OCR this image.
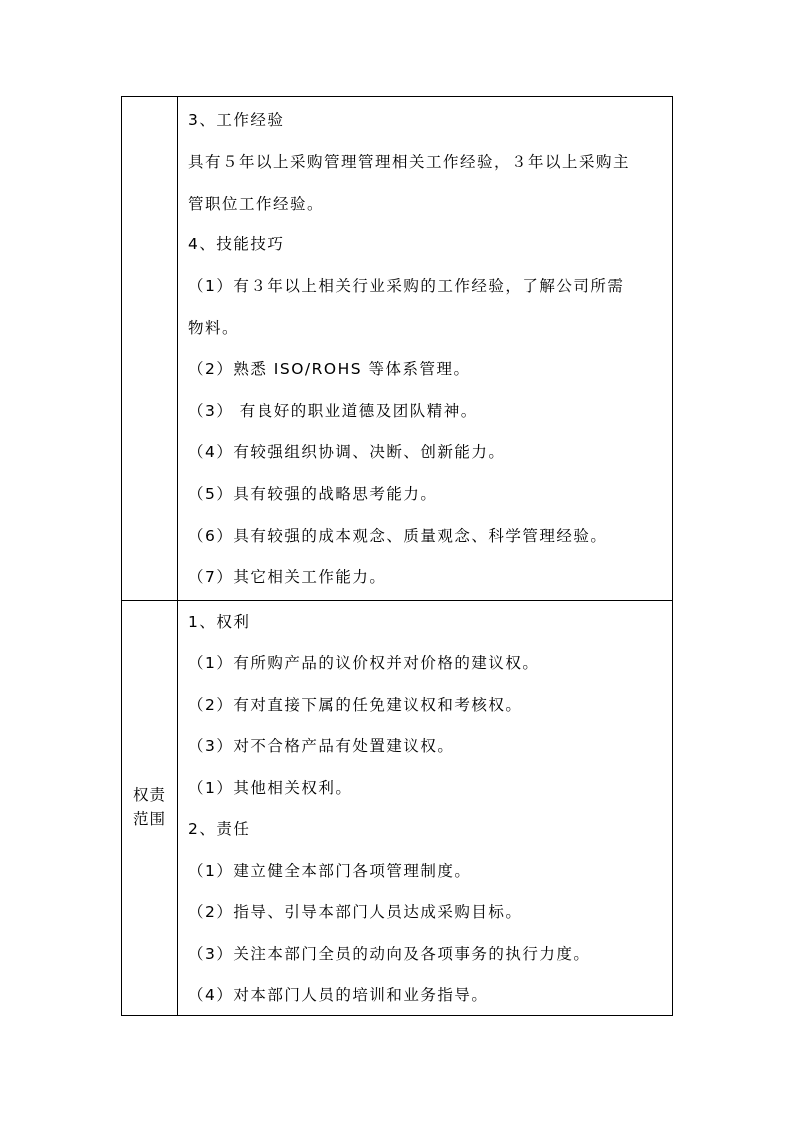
3、工作经验
具有５年以上采购管理管理相关工作经验，３年以上采购主
管职位工作经验。
4、技能技巧
（1）有３年以上相关行业采购的工作经验，了解公司所需
物料。
（2）熟悉 ISO/ROHS 等体系管理。
（3） 有良好的职业道德及团队精神。
（4）有较强组织协调、决断、创新能力。
（5）具有较强的战略思考能力。
（6）具有较强的成本观念、质量观念、科学管理经验。
（7）其它相关工作能力。
权责
范围
1、权利
（1）有所购产品的议价权并对价格的建议权。
（2）有对直接下属的任免建议权和考核权。
（3）对不合格产品有处置建议权。
（1）其他相关权利。
2、责任
（1）建立健全本部门各项管理制度。
（2）指导、引导本部门人员达成采购目标。
（3）关注本部门全员的动向及各项事务的执行力度。
（4）对本部门人员的培训和业务指导。
